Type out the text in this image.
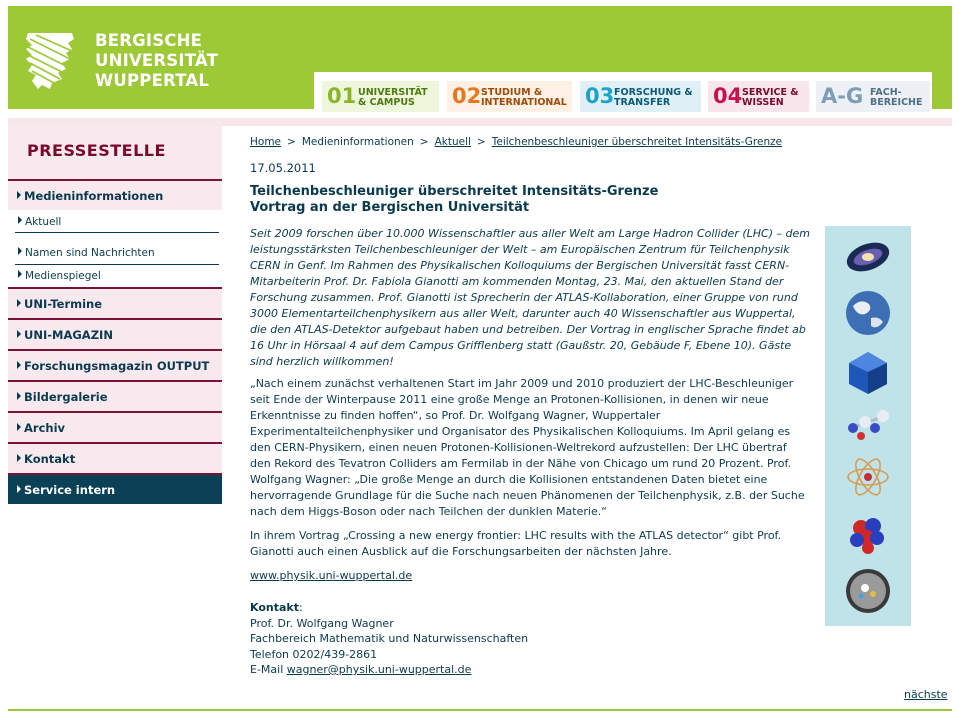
BERGISCHE
UNIVERSITÄT
WUPPERTAL
01 UNIVERSITÄT
& CAMPUS	02 STUDIUM &
INTERNATIONAL 03 FORSCHUNG &
TRANSFER	04 SERVICE &
WISSEN	A-G FACH-
BEREICHE
PRESSESTELLE
Medieninformationen
Aktuell
Namen sind Nachrichten
Medienspiegel
UNI-Termine
UNI-MAGAZIN
Forschungsmagazin OUTPUT
Bildergalerie
Archiv
Kontakt
Service intern
Home > Medieninformationen > Aktuell > Teilchenbeschleuniger überschreitet Intensitäts-Grenze
17.05.2011
Teilchenbeschleuniger überschreitet Intensitäts-Grenze
Vortrag an der Bergischen Universität
Seit 2009 forschen über 10.000 Wissenschaftler aus aller Welt am Large Hadron Collider (LHC) – dem leistungsstärksten Teilchenbeschleuniger der Welt – am Europäischen Zentrum für Teilchenphysik CERN in Genf. Im Rahmen des Physikalischen Kolloquiums der Bergischen Universität fasst CERN-Mitarbeiterin Prof. Dr. Fabiola Gianotti am kommenden Montag, 23. Mai, den aktuellen Stand der Forschung zusammen. Prof. Gianotti ist Sprecherin der ATLAS-Kollaboration, einer Gruppe von rund 3000 Elementarteilchenphysikern aus aller Welt, darunter auch 40 Wissenschaftler aus Wuppertal, die den ATLAS-Detektor aufgebaut haben und betreiben. Der Vortrag in englischer Sprache findet ab 16 Uhr in Hörsaal 4 auf dem Campus Grifflenberg statt (Gaußstr. 20, Gebäude F, Ebene 10). Gäste sind herzlich willkommen!
„Nach einem zunächst verhaltenen Start im Jahr 2009 und 2010 produziert der LHC-Beschleuniger seit Ende der Winterpause 2011 eine große Menge an Protonen-Kollisionen, in denen wir neue Erkenntnisse zu finden hoffen“, so Prof. Dr. Wolfgang Wagner, Wuppertaler Experimentalteilchenphysiker und Organisator des Physikalischen Kolloquiums. Im April gelang es den CERN-Physikern, einen neuen Protonen-Kollisionen-Weltrekord aufzustellen: Der LHC übertraf den Rekord des Tevatron Colliders am Fermilab in der Nähe von Chicago um rund 20 Prozent. Prof. Wolfgang Wagner: „Die große Menge an durch die Kollisionen entstandenen Daten bietet eine hervorragende Grundlage für die Suche nach neuen Phänomenen der Teilchenphysik, z.B. der Suche nach dem Higgs-Boson oder nach Teilchen der dunklen Materie.“
In ihrem Vortrag „Crossing a new energy frontier: LHC results with the ATLAS detector“ gibt Prof. Gianotti auch einen Ausblick auf die Forschungsarbeiten der nächsten Jahre.
www.physik.uni-wuppertal.de
Kontakt:
Prof. Dr. Wolfgang Wagner
Fachbereich Mathematik und Naturwissenschaften
Telefon 0202/439-2861
E-Mail wagner@physik.uni-wuppertal.de
nächste
